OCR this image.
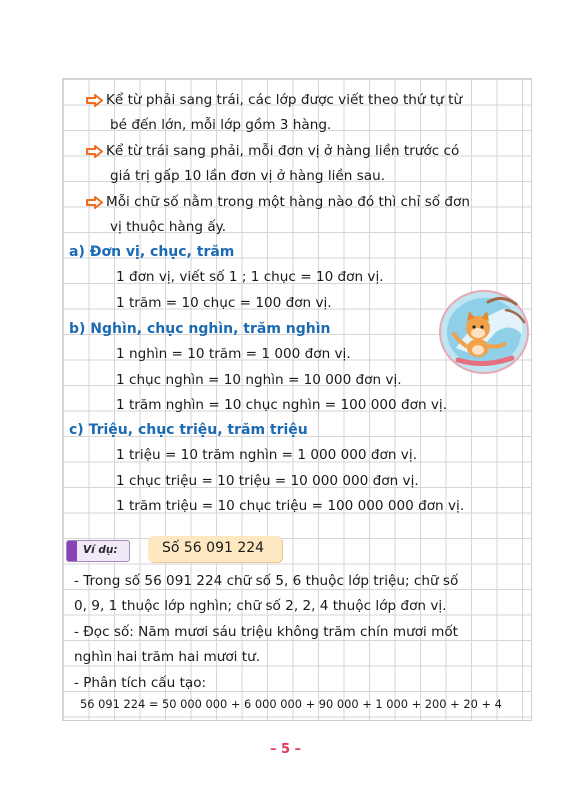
Kể từ phải sang trái, các lớp được viết theo thứ tự từ
bé đến lớn, mỗi lớp gồm 3 hàng.
Kể từ trái sang phải, mỗi đơn vị ở hàng liền trước có
giá trị gấp 10 lần đơn vị ở hàng liền sau.
Mỗi chữ số nằm trong một hàng nào đó thì chỉ số đơn
vị thuộc hàng ấy.
a) Đơn vị, chục, trăm
1 đơn vị, viết số 1 ; 1 chục = 10 đơn vị.
1 trăm = 10 chục = 100 đơn vị.
b) Nghìn, chục nghìn, trăm nghìn
1 nghìn = 10 trăm = 1 000 đơn vị.
1 chục nghìn = 10 nghìn = 10 000 đơn vị.
1 trăm nghìn = 10 chục nghìn = 100 000 đơn vị.
c) Triệu, chục triệu, trăm triệu
1 triệu = 10 trăm nghìn = 1 000 000 đơn vị.
1 chục triệu = 10 triệu = 10 000 000 đơn vị.
1 trăm triệu = 10 chục triệu = 100 000 000 đơn vị.
Ví dụ:	Số 56 091 224
- Trong số 56 091 224 chữ số 5, 6 thuộc lớp triệu; chữ số
0, 9, 1 thuộc lớp nghìn; chữ số 2, 2, 4 thuộc lớp đơn vị.
- Đọc số: Năm mươi sáu triệu không trăm chín mươi mốt
nghìn hai trăm hai mươi tư.
- Phân tích cấu tạo:
56 091 224 = 50 000 000 + 6 000 000 + 90 000 + 1 000 + 200 + 20 + 4
– 5 –
